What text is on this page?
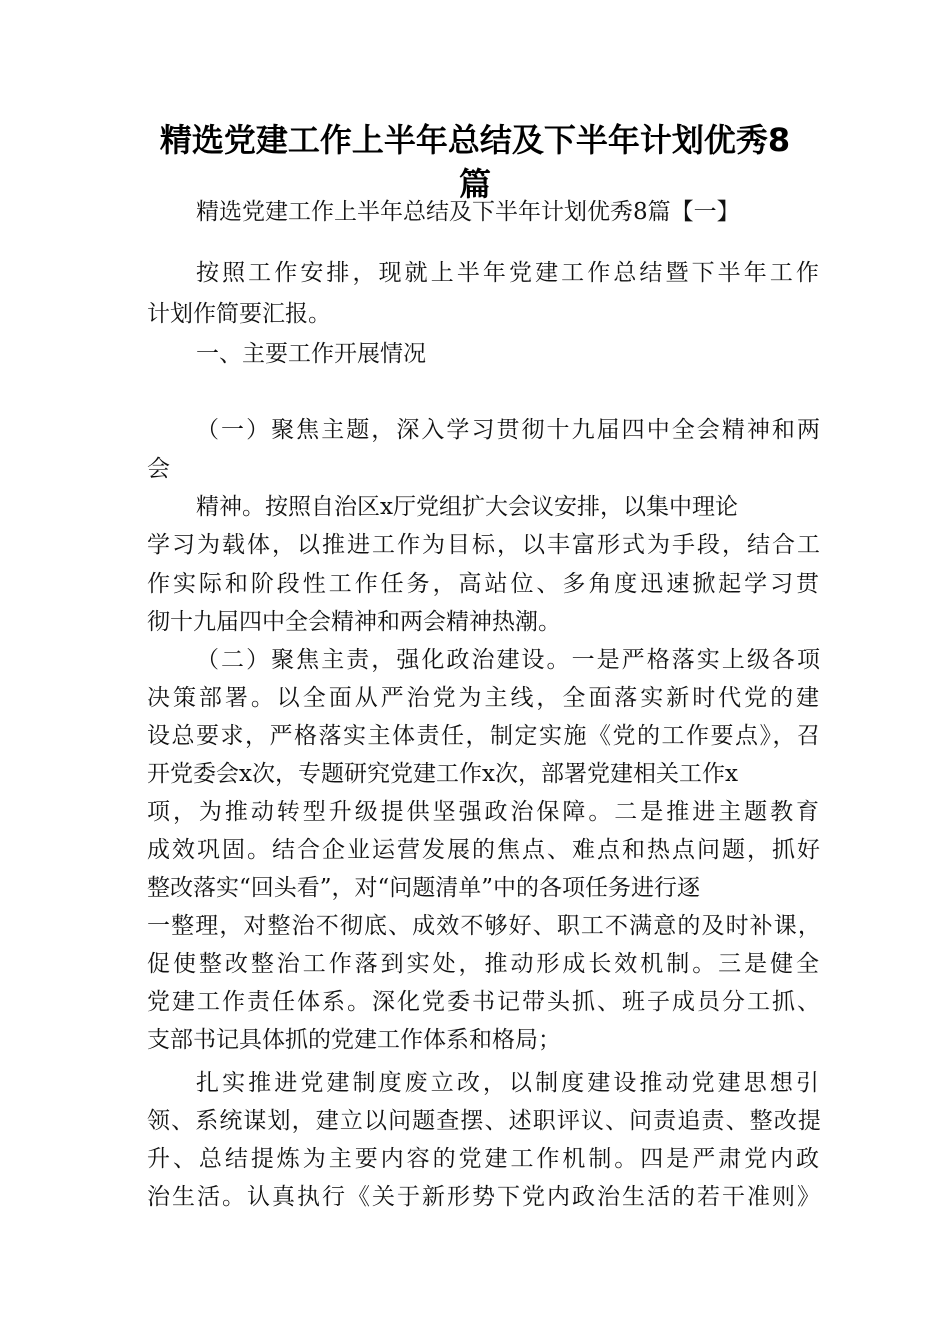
精选党建工作上半年总结及下半年计划优秀8
篇

精选党建工作上半年总结及下半年计划优秀8篇【一】

按照工作安排，现就上半年党建工作总结暨下半年工作

计划作简要汇报。

一、主要工作开展情况

（一）聚焦主题，深入学习贯彻十九届四中全会精神和两

会

精神。按照自治区x厅党组扩大会议安排，以集中理论

学习为载体，以推进工作为目标，以丰富形式为手段，结合工

作实际和阶段性工作任务，高站位、多角度迅速掀起学习贯

彻十九届四中全会精神和两会精神热潮。

（二）聚焦主责，强化政治建设。一是严格落实上级各项

决策部署。以全面从严治党为主线，全面落实新时代党的建

设总要求，严格落实主体责任，制定实施《党的工作要点》，召

开党委会x次，专题研究党建工作x次，部署党建相关工作x

项，为推动转型升级提供坚强政治保障。二是推进主题教育

成效巩固。结合企业运营发展的焦点、难点和热点问题，抓好

整改落实“回头看”，对“问题清单”中的各项任务进行逐

一整理，对整治不彻底、成效不够好、职工不满意的及时补课，

促使整改整治工作落到实处，推动形成长效机制。三是健全

党建工作责任体系。深化党委书记带头抓、班子成员分工抓、

支部书记具体抓的党建工作体系和格局；

扎实推进党建制度废立改，以制度建设推动党建思想引

领、系统谋划，建立以问题查摆、述职评议、问责追责、整改提

升、总结提炼为主要内容的党建工作机制。四是严肃党内政

治生活。认真执行《关于新形势下党内政治生活的若干准则》
